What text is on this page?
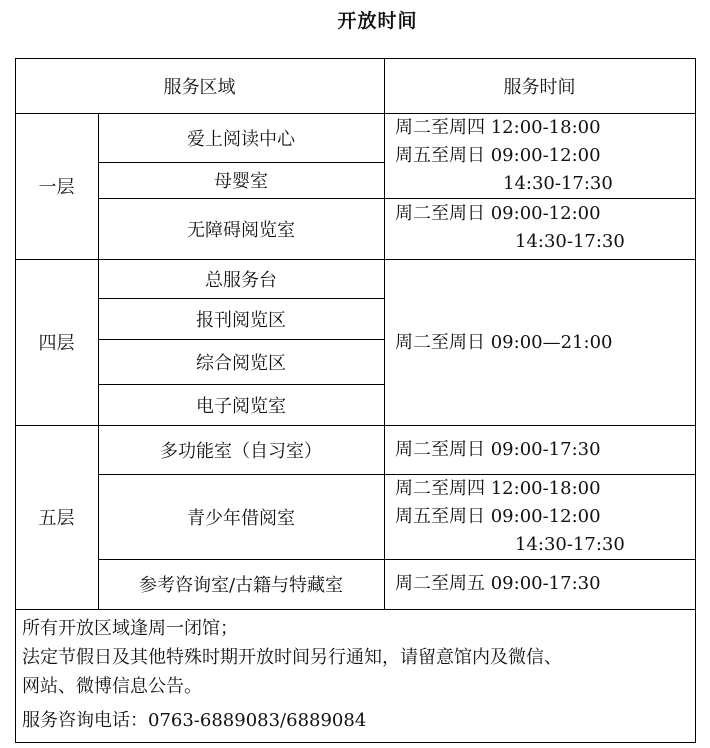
开放时间
服务区域	服务时间
一层
爱上阅读中心
母婴室
无障碍阅览室
周二至周四 12:00-18:00
周五至周日 09:00-12:00
14:30-17:30
周二至周日 09:00-12:00
14:30-17:30
四层
总服务台
报刊阅览区
综合阅览区
电子阅览室
周二至周日 09:00—21:00
五层
多功能室（自习室）
青少年借阅室
参考咨询室/古籍与特藏室
周二至周日 09:00-17:30
周二至周四 12:00-18:00
周五至周日 09:00-12:00
14:30-17:30
周二至周五 09:00-17:30
所有开放区域逢周一闭馆；
法定节假日及其他特殊时期开放时间另行通知，请留意馆内及微信、
网站、微博信息公告。
服务咨询电话：0763-6889083/6889084
